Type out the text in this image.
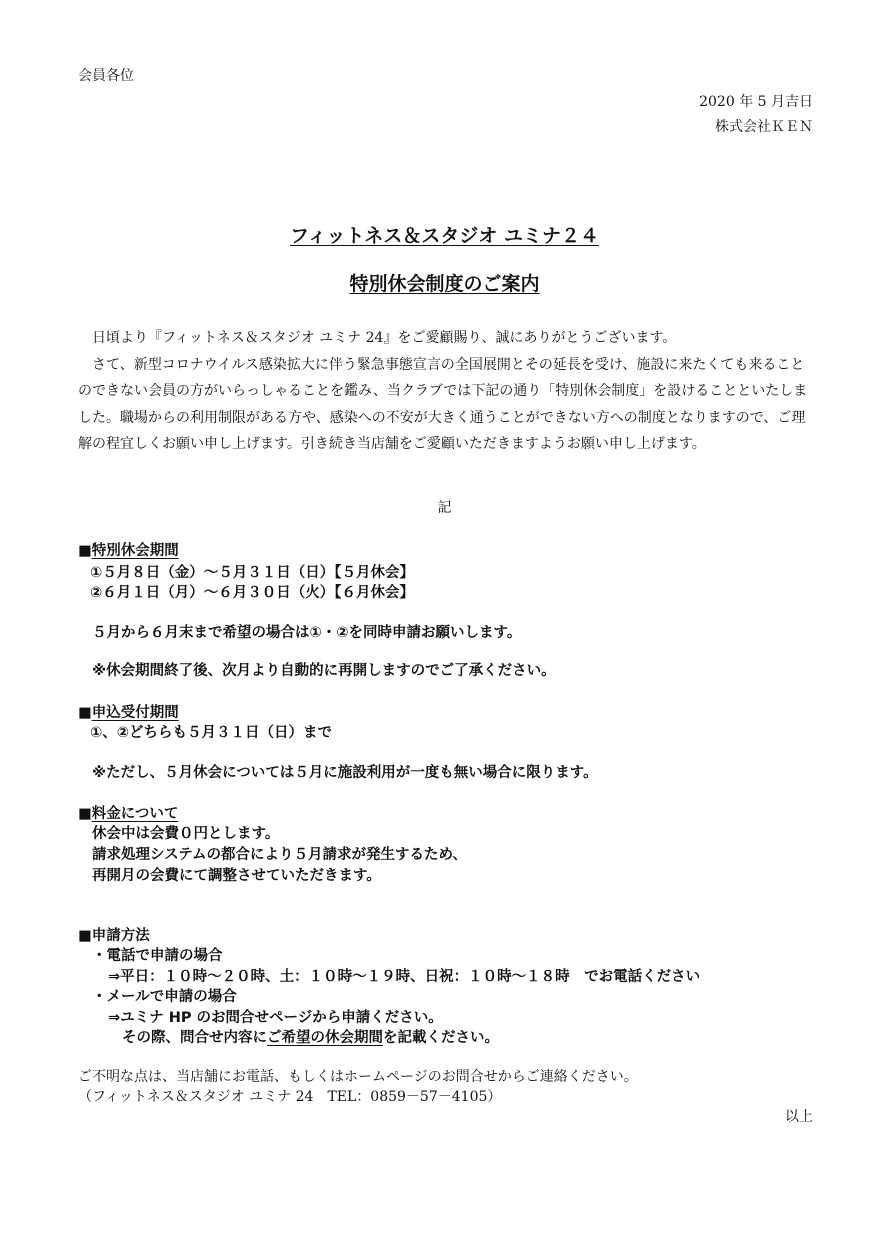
会員各位
2020 年 5 月吉日
株式会社ＫＥＮ
フィットネス＆スタジオ ユミナ２４
特別休会制度のご案内

日頃より『フィットネス＆スタジオ ユミナ 24』をご愛顧賜り、誠にありがとうございます。

さて、新型コロナウイルス感染拡大に伴う緊急事態宣言の全国展開とその延長を受け、施設に来たくても来ることのできない会員の方がいらっしゃることを鑑み、当クラブでは下記の通り「特別休会制度」を設けることといたしました。職場からの利用制限がある方や、感染への不安が大きく通うことができない方への制度となりますので、ご理解の程宜しくお願い申し上げます。引き続き当店舗をご愛顧いただきますようお願い申し上げます。

記
■特別休会期間
①５月８日（金）～５月３１日（日）【５月休会】
②６月１日（月）～６月３０日（火）【６月休会】
５月から６月末まで希望の場合は①・②を同時申請お願いします。
※休会期間終了後、次月より自動的に再開しますのでご了承ください。
■申込受付期間
①、②どちらも５月３１日（日）まで
※ただし、５月休会については５月に施設利用が一度も無い場合に限ります。
■料金について
休会中は会費０円とします。
請求処理システムの都合により５月請求が発生するため、
再開月の会費にて調整させていただきます。
■申請方法
・電話で申請の場合
⇒平日：１０時～２０時、土：１０時～１９時、日祝：１０時～１８時　でお電話ください
・メールで申請の場合
⇒ユミナ HP のお問合せページから申請ください。
その際、問合せ内容にご希望の休会期間を記載ください。
ご不明な点は、当店舗にお電話、もしくはホームページのお問合せからご連絡ください。
（フィットネス＆スタジオ ユミナ 24　TEL：0859－57－4105）
以上
